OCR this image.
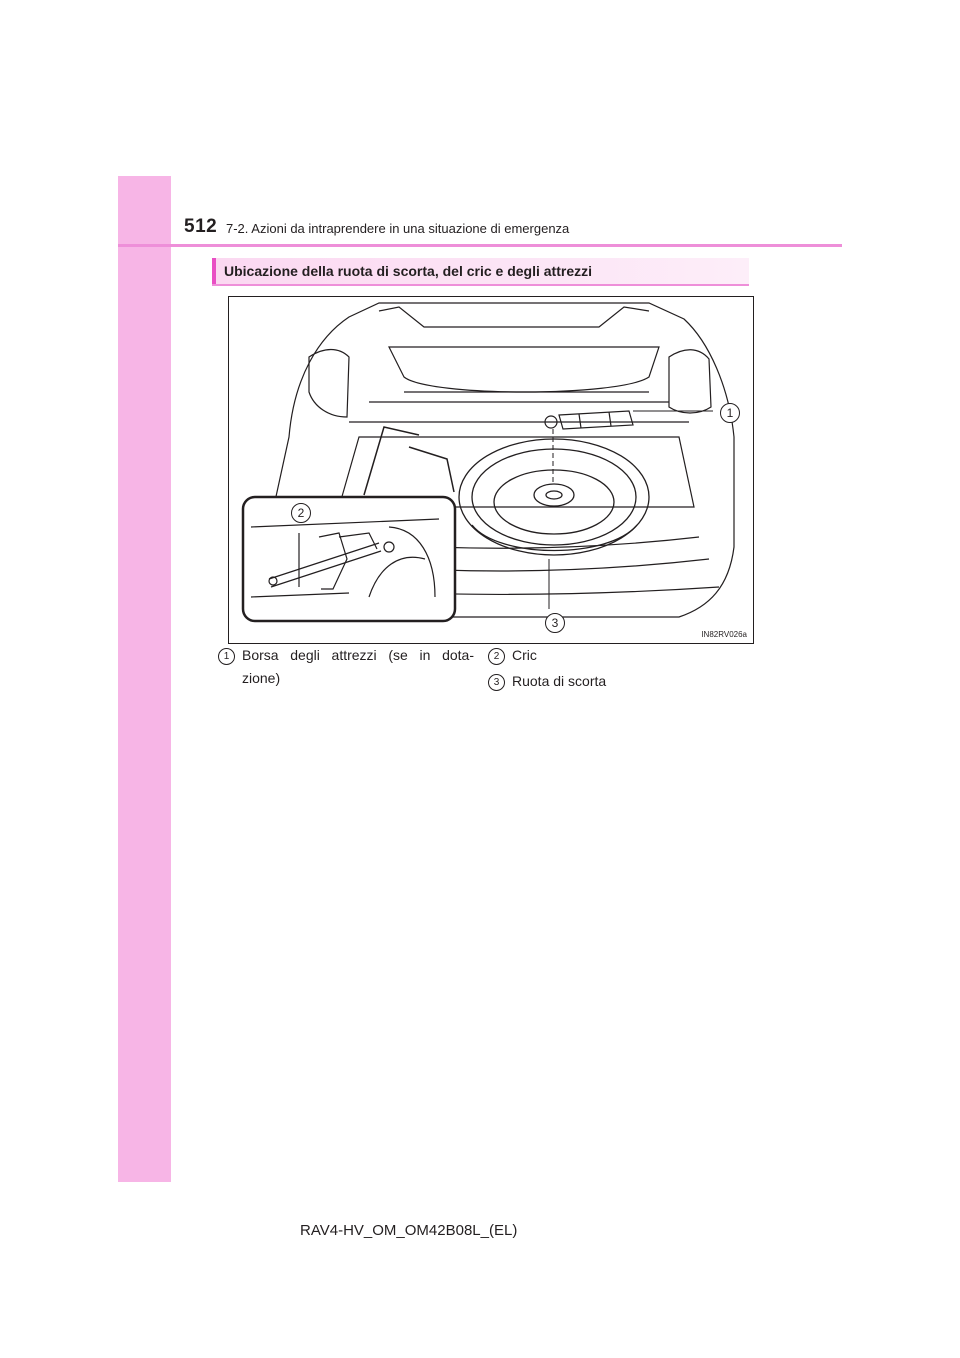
512 7-2. Azioni da intraprendere in una situazione di emergenza
Ubicazione della ruota di scorta, del cric e degli attrezzi
1
2
3
IN82RV026a
1 Borsa degli attrezzi (se in dota-
zione)
2 Cric
3 Ruota di scorta
RAV4-HV_OM_OM42B08L_(EL)
